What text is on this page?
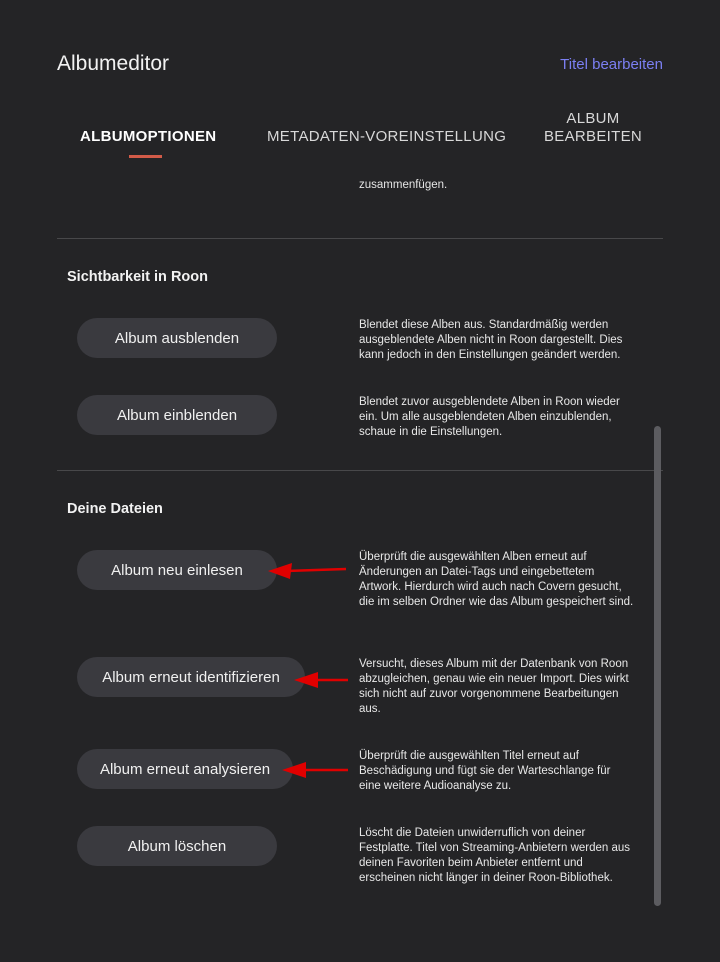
Albumeditor	Titel bearbeiten
ALBUMOPTIONEN	METADATEN-VOREINSTELLUNG
ALBUM BEARBEITEN
zusammenfügen.
Sichtbarkeit in Roon
Album ausblenden
Blendet diese Alben aus. Standardmäßig werden ausgeblendete Alben nicht in Roon dargestellt. Dies kann jedoch in den Einstellungen geändert werden.
Album einblenden
Blendet zuvor ausgeblendete Alben in Roon wieder ein. Um alle ausgeblendeten Alben einzublenden, schaue in die Einstellungen.
Deine Dateien
Album neu einlesen
Überprüft die ausgewählten Alben erneut auf Änderungen an Datei-Tags und eingebettetem Artwork. Hierdurch wird auch nach Covern gesucht, die im selben Ordner wie das Album gespeichert sind.
Album erneut identifizieren
Versucht, dieses Album mit der Datenbank von Roon abzugleichen, genau wie ein neuer Import. Dies wirkt sich nicht auf zuvor vorgenommene Bearbeitungen aus.
Album erneut analysieren
Überprüft die ausgewählten Titel erneut auf Beschädigung und fügt sie der Warteschlange für eine weitere Audioanalyse zu.
Album löschen
Löscht die Dateien unwiderruflich von deiner Festplatte. Titel von Streaming-Anbietern werden aus deinen Favoriten beim Anbieter entfernt und erscheinen nicht länger in deiner Roon-Bibliothek.
